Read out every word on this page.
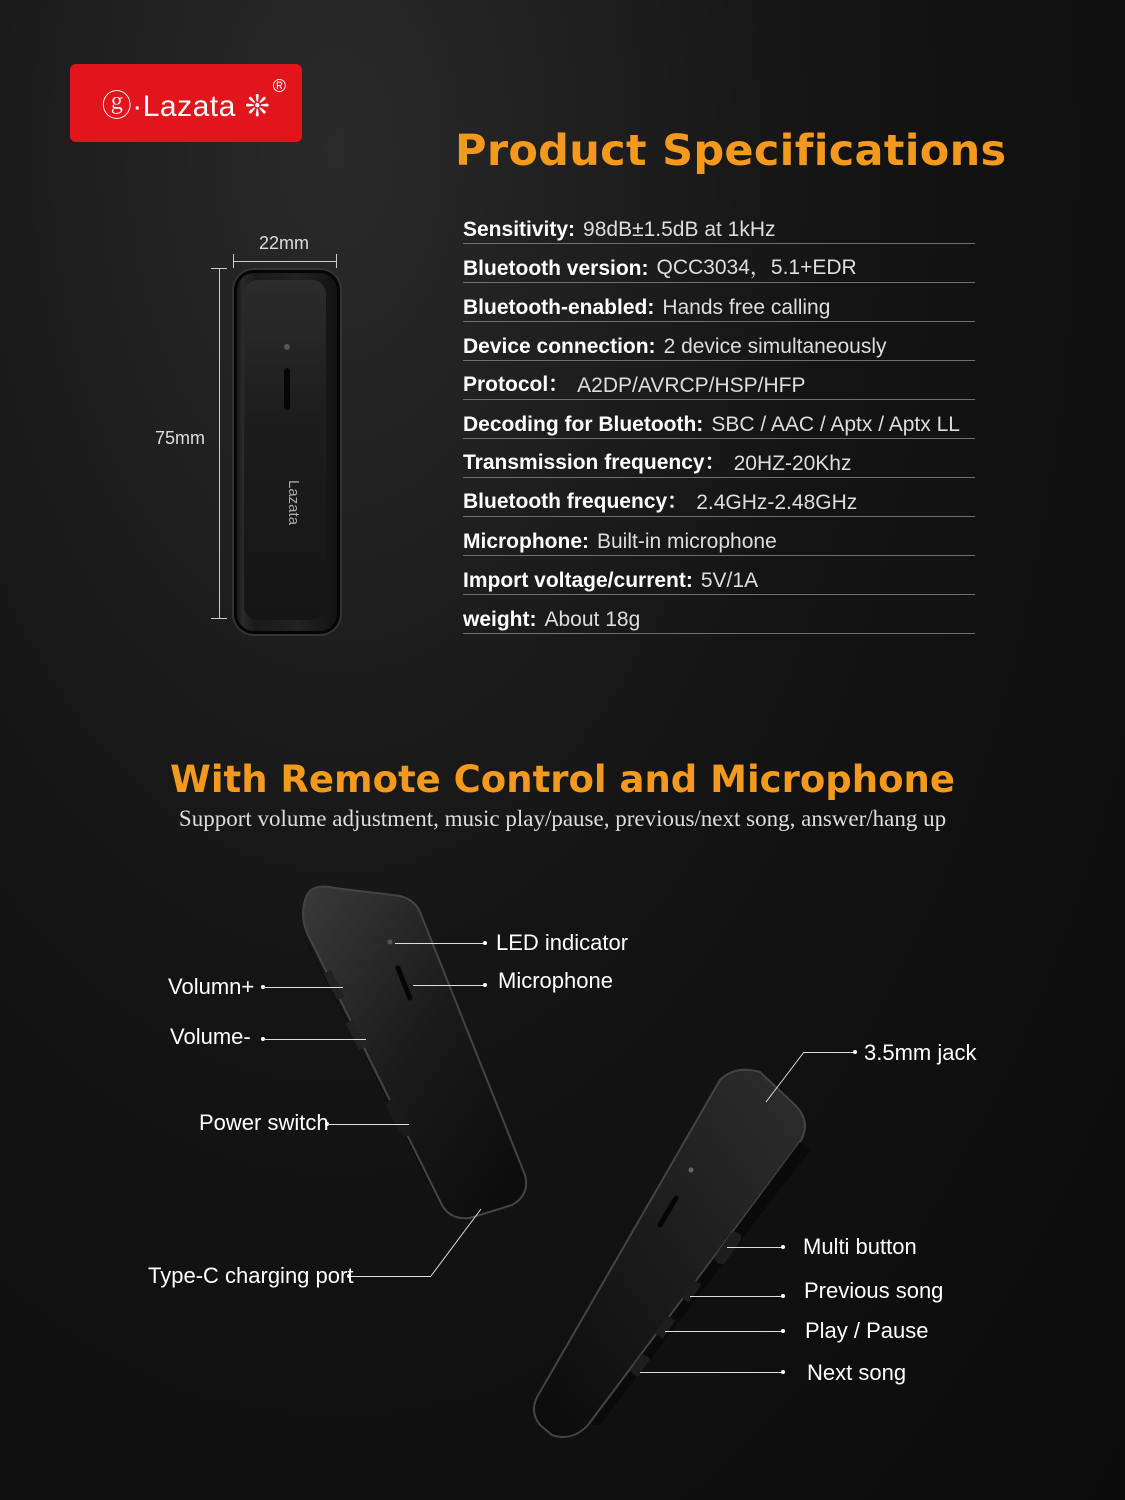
ⓖ·Lazata ❊
®
Product Specifications
Sensitivity: 98dB±1.5dB at 1kHz
Bluetooth version: QCC3034，5.1+EDR
Bluetooth-enabled: Hands free calling
Device connection: 2 device simultaneously
Protocol： A2DP/AVRCP/HSP/HFP
Decoding for Bluetooth: SBC / AAC / Aptx / Aptx LL
Transmission frequency： 20HZ-20Khz
Bluetooth frequency： 2.4GHz-2.48GHz
Microphone: Built-in microphone
Import voltage/current: 5V/1A
weight: About 18g
22mm
75mm
Lazata
With Remote Control and Microphone
Support volume adjustment, music play/pause, previous/next song, answer/hang up
LED indicator
Microphone
Volumn+
Volume-
Power switch
Type-C charging port
3.5mm jack
Multi button
Previous song
Play / Pause
Next song
